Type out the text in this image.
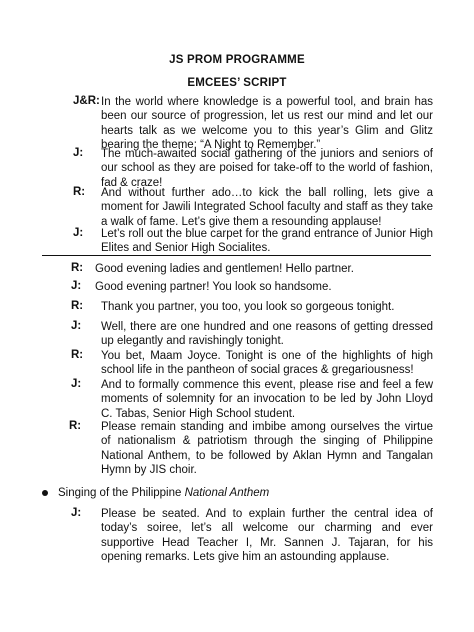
JS PROM PROGRAMME
EMCEES’ SCRIPT
J&R: In the world where knowledge is a powerful tool, and brain has been our source of progression, let us rest our mind and let our hearts talk as we welcome you to this year’s Glim and Glitz bearing the theme: “A Night to Remember.”
J:	The much-awaited social gathering of the juniors and seniors of our school as they are poised for take-off to the world of fashion, fad & craze!
R:	And without further ado…to kick the ball rolling, lets give a moment for Jawili Integrated School faculty and staff as they take a walk of fame. Let’s give them a resounding applause!
J:	Let’s roll out the blue carpet for the grand entrance of Junior High Elites and Senior High Socialites.
R:	Good evening ladies and gentlemen! Hello partner.
J:	Good evening partner! You look so handsome.
R:	Thank you partner, you too, you look so gorgeous tonight.
J:	Well, there are one hundred and one reasons of getting dressed up elegantly and ravishingly tonight.
R:	You bet, Maam Joyce. Tonight is one of the highlights of high school life in the pantheon of social graces & gregariousness!
J:	And to formally commence this event, please rise and feel a few moments of solemnity for an invocation to be led by John Lloyd C. Tabas, Senior High School student.
R:	Please remain standing and imbibe among ourselves the virtue of nationalism & patriotism through the singing of Philippine National Anthem, to be followed by Aklan Hymn and Tangalan Hymn by JIS choir.
Singing of the Philippine National Anthem
J:	Please be seated. And to explain further the central idea of today’s soiree, let’s all welcome our charming and ever supportive Head Teacher I, Mr. Sannen J. Tajaran, for his opening remarks. Lets give him an astounding applause.
